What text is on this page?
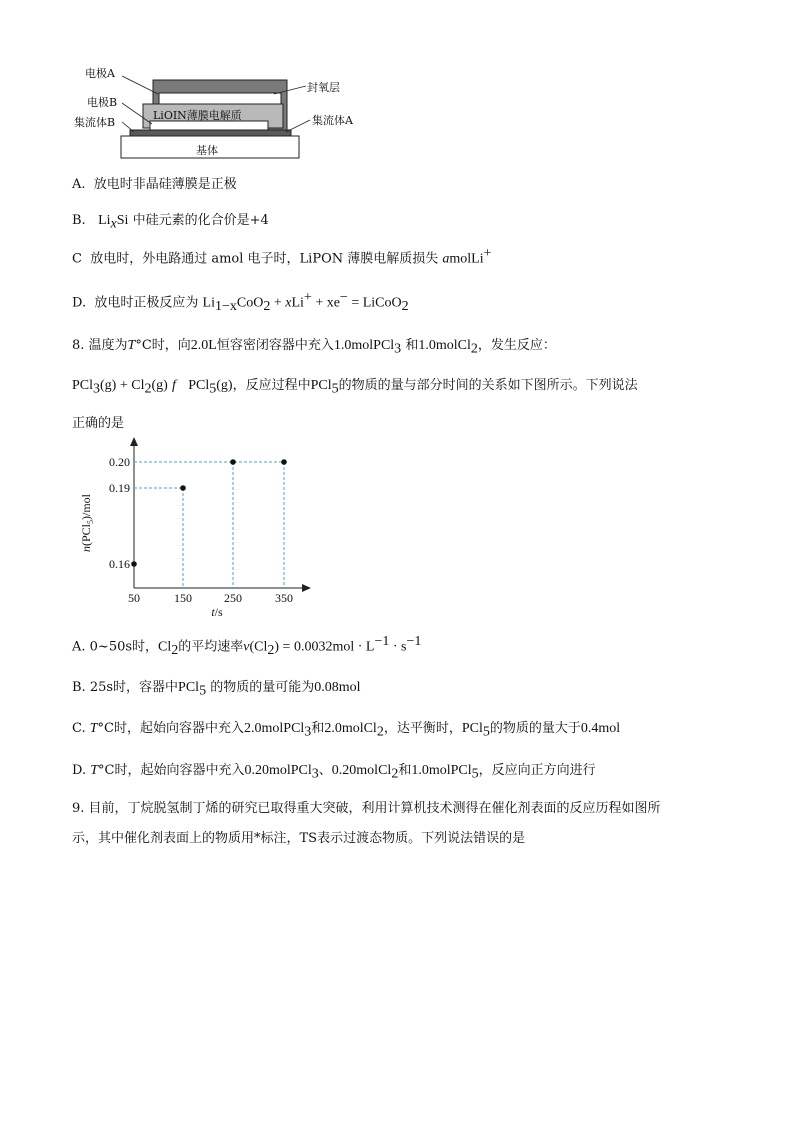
电极A
电极B
集流体B
封氧层
集流体A
LiOIN薄膜电解质
基体
A. 放电时非晶硅薄膜是正极
B. $Li_xSi$ 中硅元素的化合价是+4
C 放电时，外电路通过 amol 电子时，LiPON 薄膜电解质损失 amolLi+
D. 放电时正极反应为 $Li_{1-x}CoO_2 + xLi^+ + xe^-$ = LiCoO$_2$
8. 温度为T°C时，向2.0L恒容密闭容器中充入1.0molPCl$_3$ 和1.0molCl$_2$，发生反应：
$PCl_3(g) + Cl_2(g)$ f PCl$_5$(g)，反应过程中PCl$_5$的物质的量与部分时间的关系如下图所示。下列说法
正确的是
50	150	250	350
0.16
0.19
0.20
t/s
n(PCl$_5$)/mol
A. 0~50s时，$Cl_2$的平均速率$v(Cl_2) = 0.0032mol \cdot L^{-1} \cdot s^{-1}$
B. 25s时，容器中PCl$_5$ 的物质的量可能为0.08mol
C. T°C时，起始向容器中充入2.0molPCl$_3$和2.0molCl$_2$，达平衡时，PCl$_5$的物质的量大于0.4mol
D. T°C时，起始向容器中充入0.20molPCl$_3$、0.20molCl$_2$和1.0molPCl$_5$，反应向正方向进行
9. 目前，丁烷脱氢制丁烯的研究已取得重大突破，利用计算机技术测得在催化剂表面的反应历程如图所
示，其中催化剂表面上的物质用*标注，TS表示过渡态物质。下列说法错误的是
